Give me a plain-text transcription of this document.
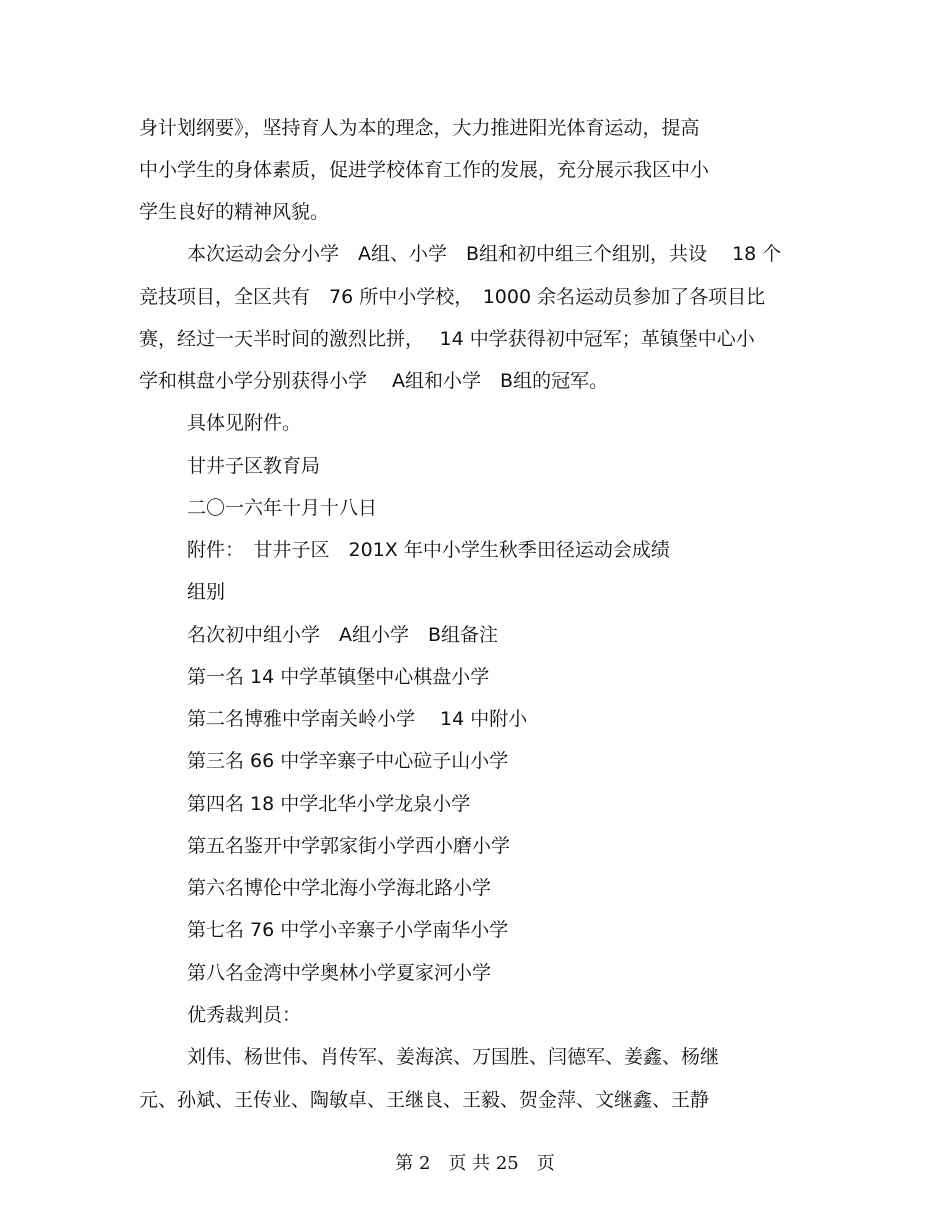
身计划纲要》，坚持育人为本的理念，大力推进阳光体育运动，提高
中小学生的身体素质，促进学校体育工作的发展，充分展示我区中小
学生良好的精神风貌。
本次运动会分小学　A组、小学　B组和初中组三个组别，共设　 18 个
竞技项目，全区共有　76 所中小学校，　1000 余名运动员参加了各项目比
赛，经过一天半时间的激烈比拼，　 14 中学获得初中冠军；革镇堡中心小
学和棋盘小学分别获得小学　 A组和小学　B组的冠军。
具体见附件。
甘井子区教育局
二〇一六年十月十八日
附件：　甘井子区　201X 年中小学生秋季田径运动会成绩
组别
名次初中组小学　A组小学　B组备注
第一名 14 中学革镇堡中心棋盘小学
第二名博雅中学南关岭小学　 14 中附小
第三名 66 中学辛寨子中心砬子山小学
第四名 18 中学北华小学龙泉小学
第五名鉴开中学郭家街小学西小磨小学
第六名博伦中学北海小学海北路小学
第七名 76 中学小辛寨子小学南华小学
第八名金湾中学奥林小学夏家河小学
优秀裁判员：
刘伟、杨世伟、肖传军、姜海滨、万国胜、闫德军、姜鑫、杨继
元、孙斌、王传业、陶敏卓、王继良、王毅、贺金萍、文继鑫、王静
第 2　页 共 25　页
